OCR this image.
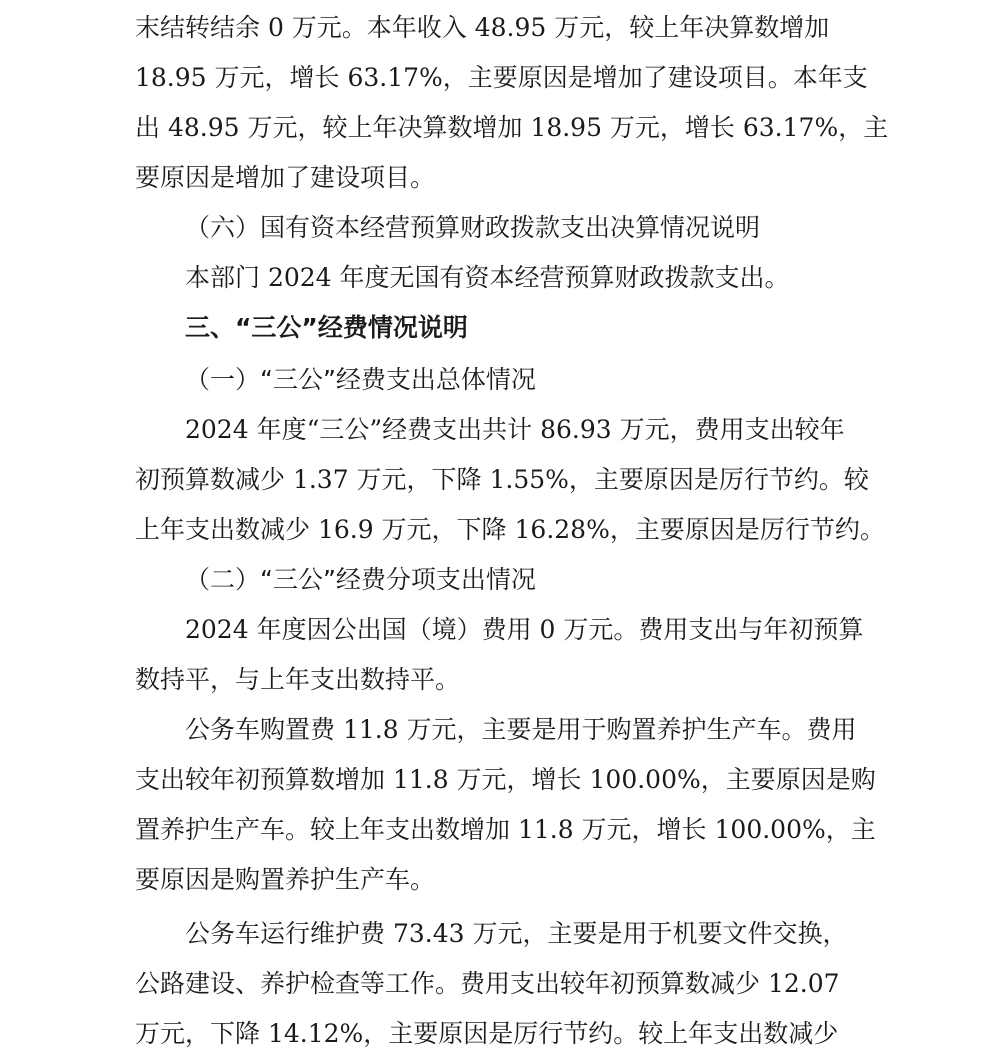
末结转结余 0 万元。本年收入 48.95 万元，较上年决算数增加

18.95 万元，增长 63.17%，主要原因是增加了建设项目。本年支

出 48.95 万元，较上年决算数增加 18.95 万元，增长 63.17%，主

要原因是增加了建设项目。

（六）国有资本经营预算财政拨款支出决算情况说明

本部门 2024 年度无国有资本经营预算财政拨款支出。

三、“三公”经费情况说明

（一）“三公”经费支出总体情况

2024 年度“三公”经费支出共计 86.93 万元，费用支出较年

初预算数减少 1.37 万元，下降 1.55%，主要原因是厉行节约。较

上年支出数减少 16.9 万元，下降 16.28%，主要原因是厉行节约。

（二）“三公”经费分项支出情况

2024 年度因公出国（境）费用 0 万元。费用支出与年初预算

数持平，与上年支出数持平。

公务车购置费 11.8 万元，主要是用于购置养护生产车。费用

支出较年初预算数增加 11.8 万元，增长 100.00%，主要原因是购

置养护生产车。较上年支出数增加 11.8 万元，增长 100.00%，主

要原因是购置养护生产车。

公务车运行维护费 73.43 万元，主要是用于机要文件交换，

公路建设、养护检查等工作。费用支出较年初预算数减少 12.07

万元，下降 14.12%，主要原因是厉行节约。较上年支出数减少
